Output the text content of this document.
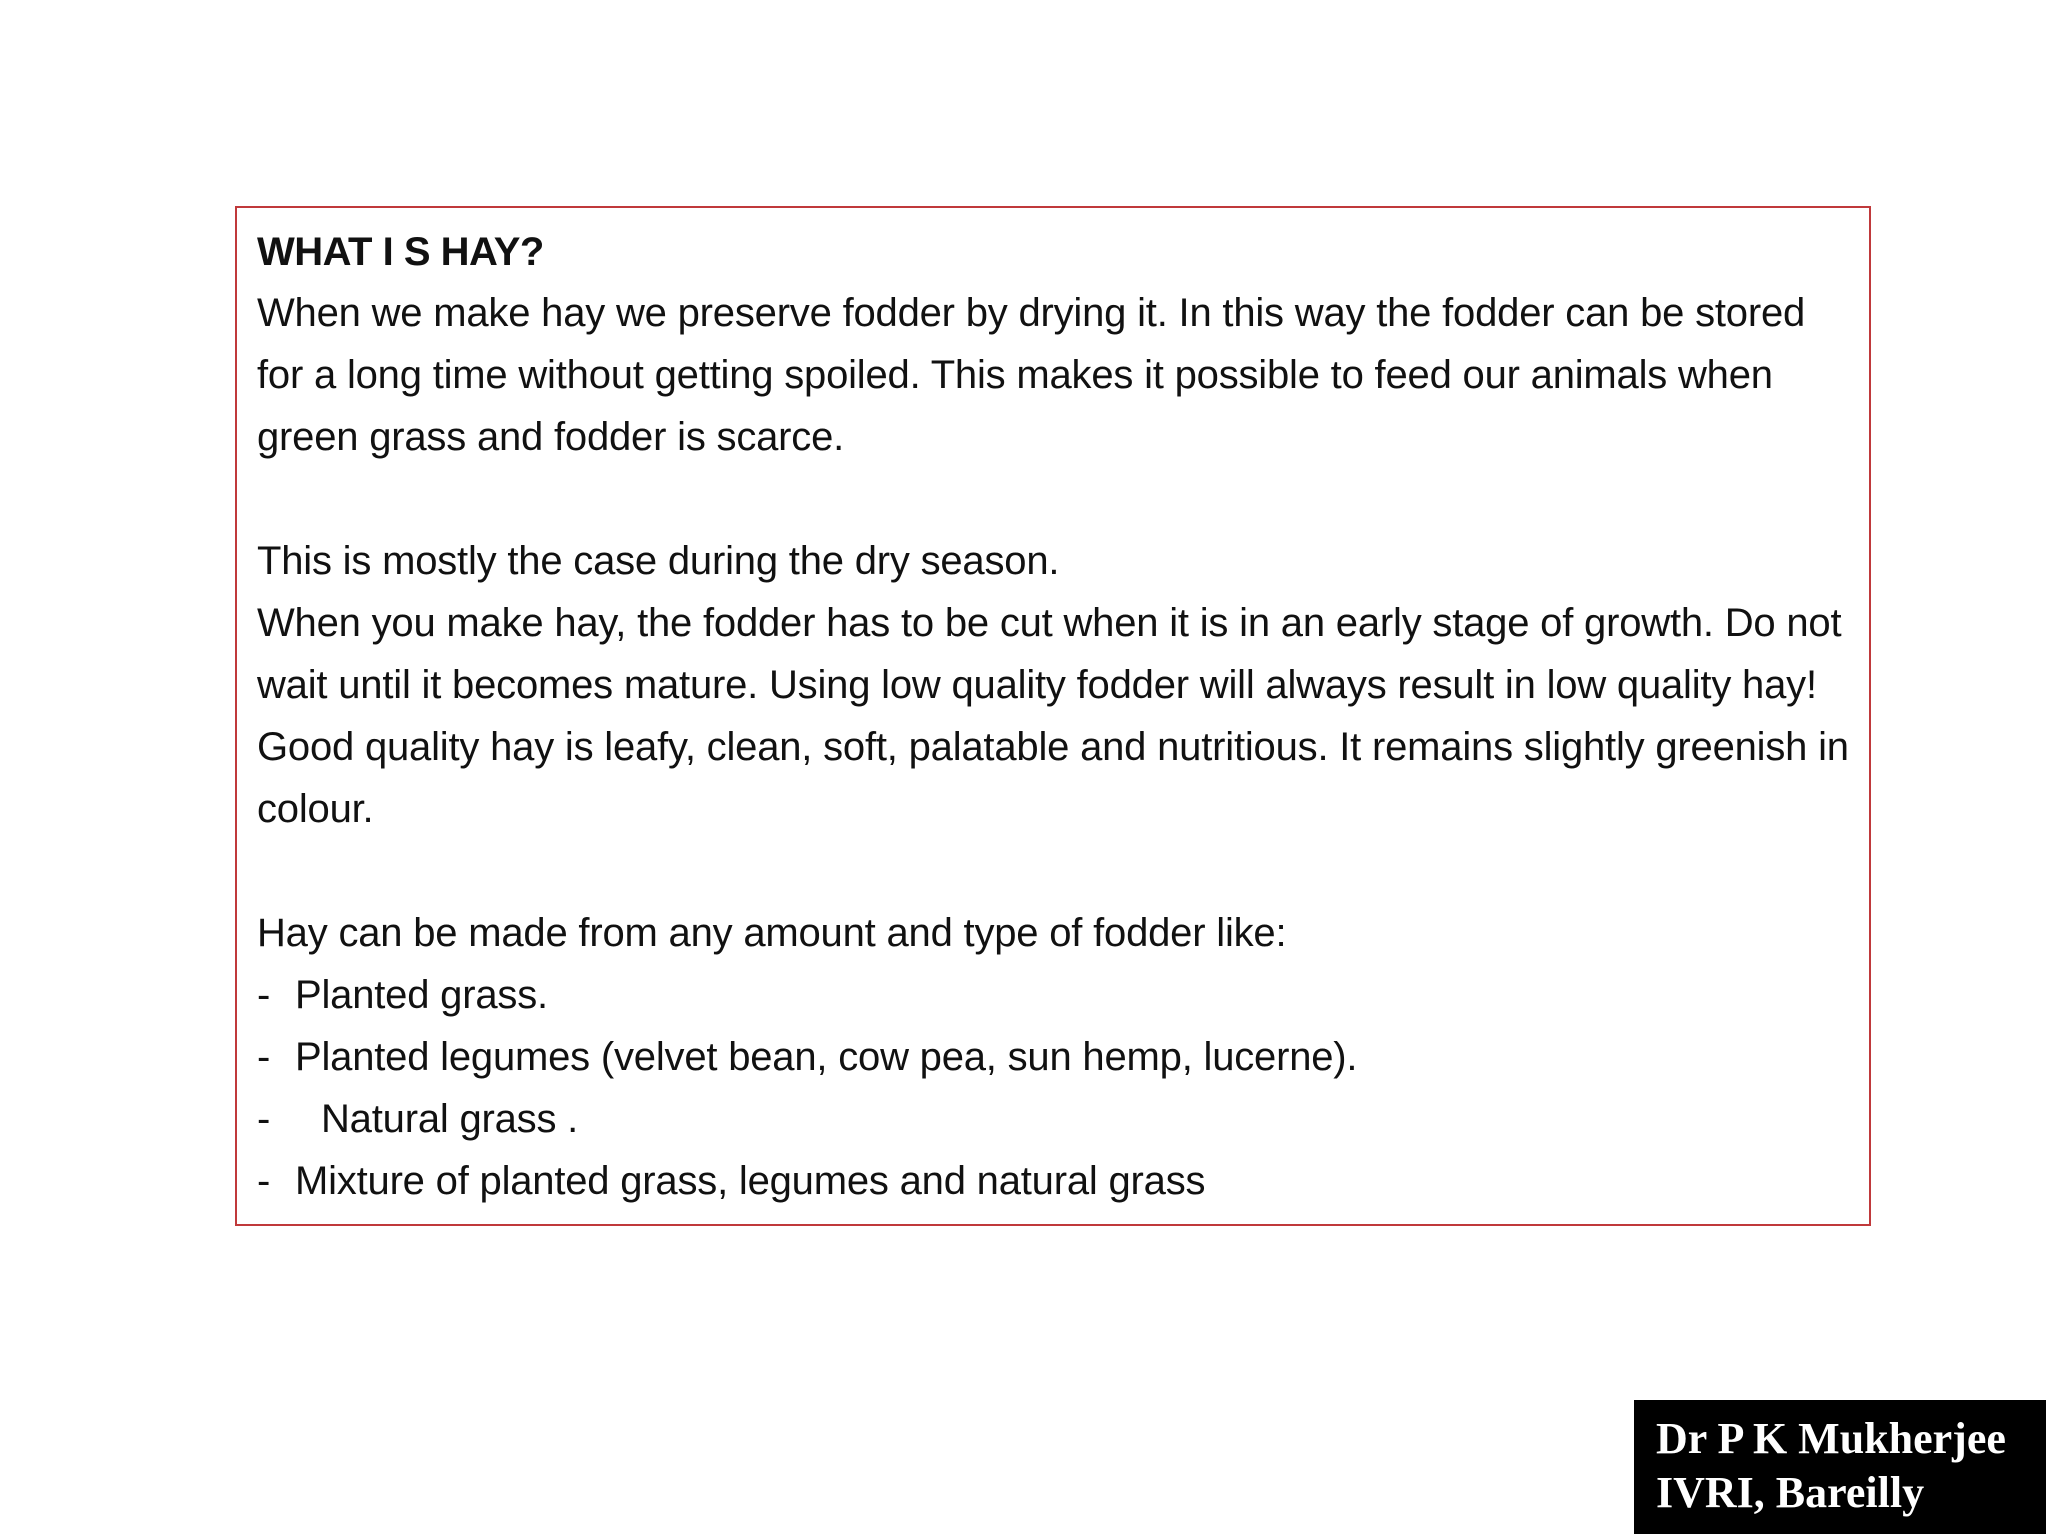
WHAT I S HAY?

When we make hay we preserve fodder by drying it. In this way the fodder can be stored for a long time without getting spoiled. This makes it possible to feed our animals when green grass and fodder is scarce.

This is mostly the case during the dry season.

When you make hay, the fodder has to be cut when it is in an early stage of growth. Do not wait until it becomes mature. Using low quality fodder will always result in low quality hay! Good quality hay is leafy, clean, soft, palatable and nutritious. It remains slightly greenish in colour.

Hay can be made from any amount and type of fodder like:

- Planted grass.
- Planted legumes (velvet bean, cow pea, sun hemp, lucerne).
-	Natural grass .
- Mixture of planted grass, legumes and natural grass
Dr P K Mukherjee
IVRI, Bareilly
